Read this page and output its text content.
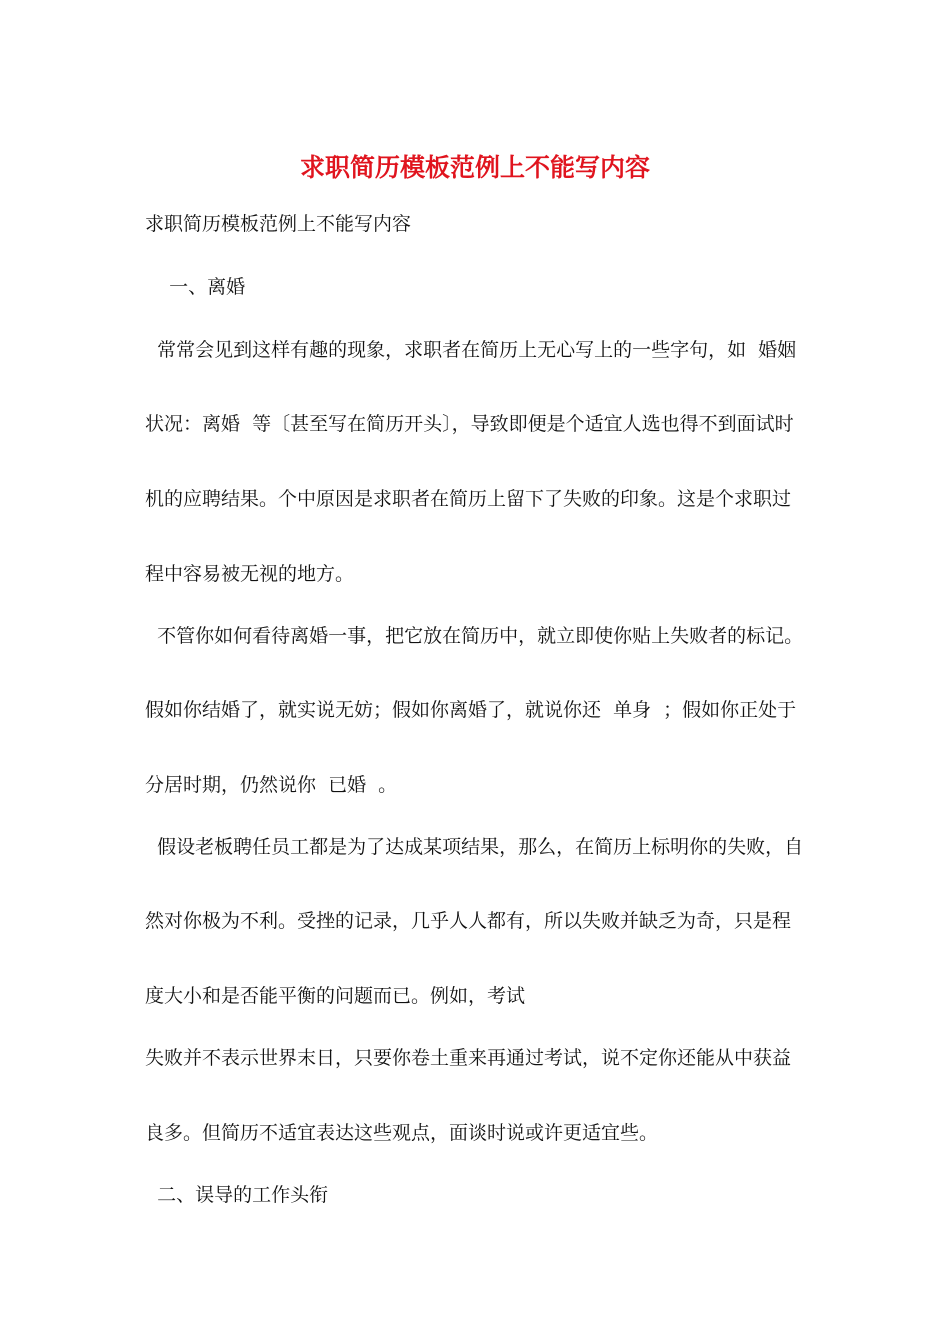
求职简历模板范例上不能写内容
求职简历模板范例上不能写内容
一、离婚
常常会见到这样有趣的现象，求职者在简历上无心写上的一些字句，如  婚姻
状况：离婚  等〔甚至写在简历开头〕，导致即便是个适宜人选也得不到面试时
机的应聘结果。个中原因是求职者在简历上留下了失败的印象。这是个求职过
程中容易被无视的地方。
不管你如何看待离婚一事，把它放在简历中，就立即使你贴上失败者的标记。
假如你结婚了，就实说无妨；假如你离婚了，就说你还  单身  ；假如你正处于
分居时期，仍然说你  已婚  。
假设老板聘任员工都是为了达成某项结果，那么，在简历上标明你的失败，自
然对你极为不利。受挫的记录，几乎人人都有，所以失败并缺乏为奇，只是程
度大小和是否能平衡的问题而已。例如，考试
失败并不表示世界末日，只要你卷土重来再通过考试，说不定你还能从中获益
良多。但简历不适宜表达这些观点，面谈时说或许更适宜些。
二、误导的工作头衔
